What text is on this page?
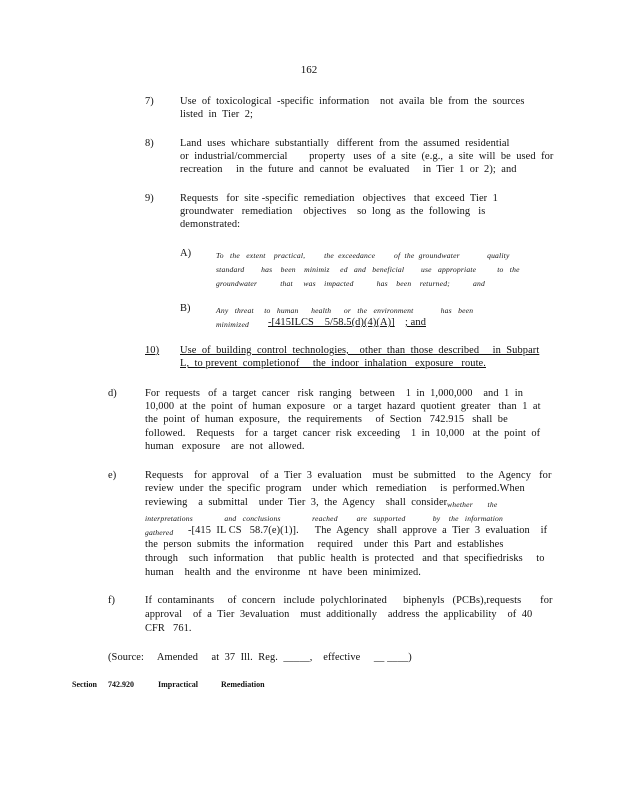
162
7)	Use  of  toxicological  -specific  information    not  availa  ble  from  the  sources
listed  in  Tier  2;
8)	Land  uses  whichare  substantially   different  from  the  assumed  residential
or  industrial/commercial        property   uses  of  a  site  (e.g.,  a  site  will  be  used  for
recreation     in  the  future  and  cannot  be  evaluated     in  Tier  1  or  2);  and
9)	Requests   for  site -specific  remediation   objectives   that  exceed  Tier  1
groundwater   remediation    objectives    so  long  as  the  following   is
demonstrated:
A)	To   the   extent    practical,         the  exceedance         of  the  groundwater             quality
standard        has    been    minimiz     ed   and   beneficial        use   appropriate          to   the
groundwater           that     was    impacted           has    been    returned;           and
B)	Any   threat     to   human      health      or   the   environment             has   been
minimized -[415ILCS    5/58.5(d)(4)(A)] ; and
10) Use  of  building  control  technologies,    other  than  those  described     in  Subpart
L,  to prevent  completionof     the  indoor  inhalation   exposure   route.
d)	For  requests   of  a  target  cancer   risk  ranging   between    1  in  1,000,000    and  1  in
10,000  at  the  point  of  human  exposure   or  a  target  hazard  quotient  greater   than  1  at
the  point  of  human  exposure,   the  requirements     of  Section   742.915   shall  be
followed.    Requests    for  a  target  cancer  risk  exceeding    1  in  10,000   at  the  point  of
human   exposure    are  not  allowed.
e)	Requests    for  approval    of  a  Tier  3  evaluation    must  be  submitted    to  the  Agency   for
review  under  the  specific  program    under  which   remediation     is  performed.When
reviewing    a  submittal    under  Tier  3,  the  Agency    shall  consider whether       the
interpretations               and   conclusions               reached         are   supported             by    the   information
gathered -[415  IL CS   58.7(e)(1)].      The  Agency   shall  approve  a  Tier  3  evaluation    if
the  person  submits  the  information     required    under  this  Part  and  establishes
through    such  information     that  public  health  is  protected   and  that  specifiedrisks     to
human    health  and  the  environme   nt  have  been  minimized.
f)	If  contaminants     of  concern   include  polychlorinated      biphenyls   (PCBs),requests       for
approval    of  a  Tier  3evaluation    must  additionally    address  the  applicability    of  40
CFR   761.
(Source:     Amended     at  37  Ill.  Reg.  _____,    effective     __ ____)
Section 742.920	Impractical	Remediation
